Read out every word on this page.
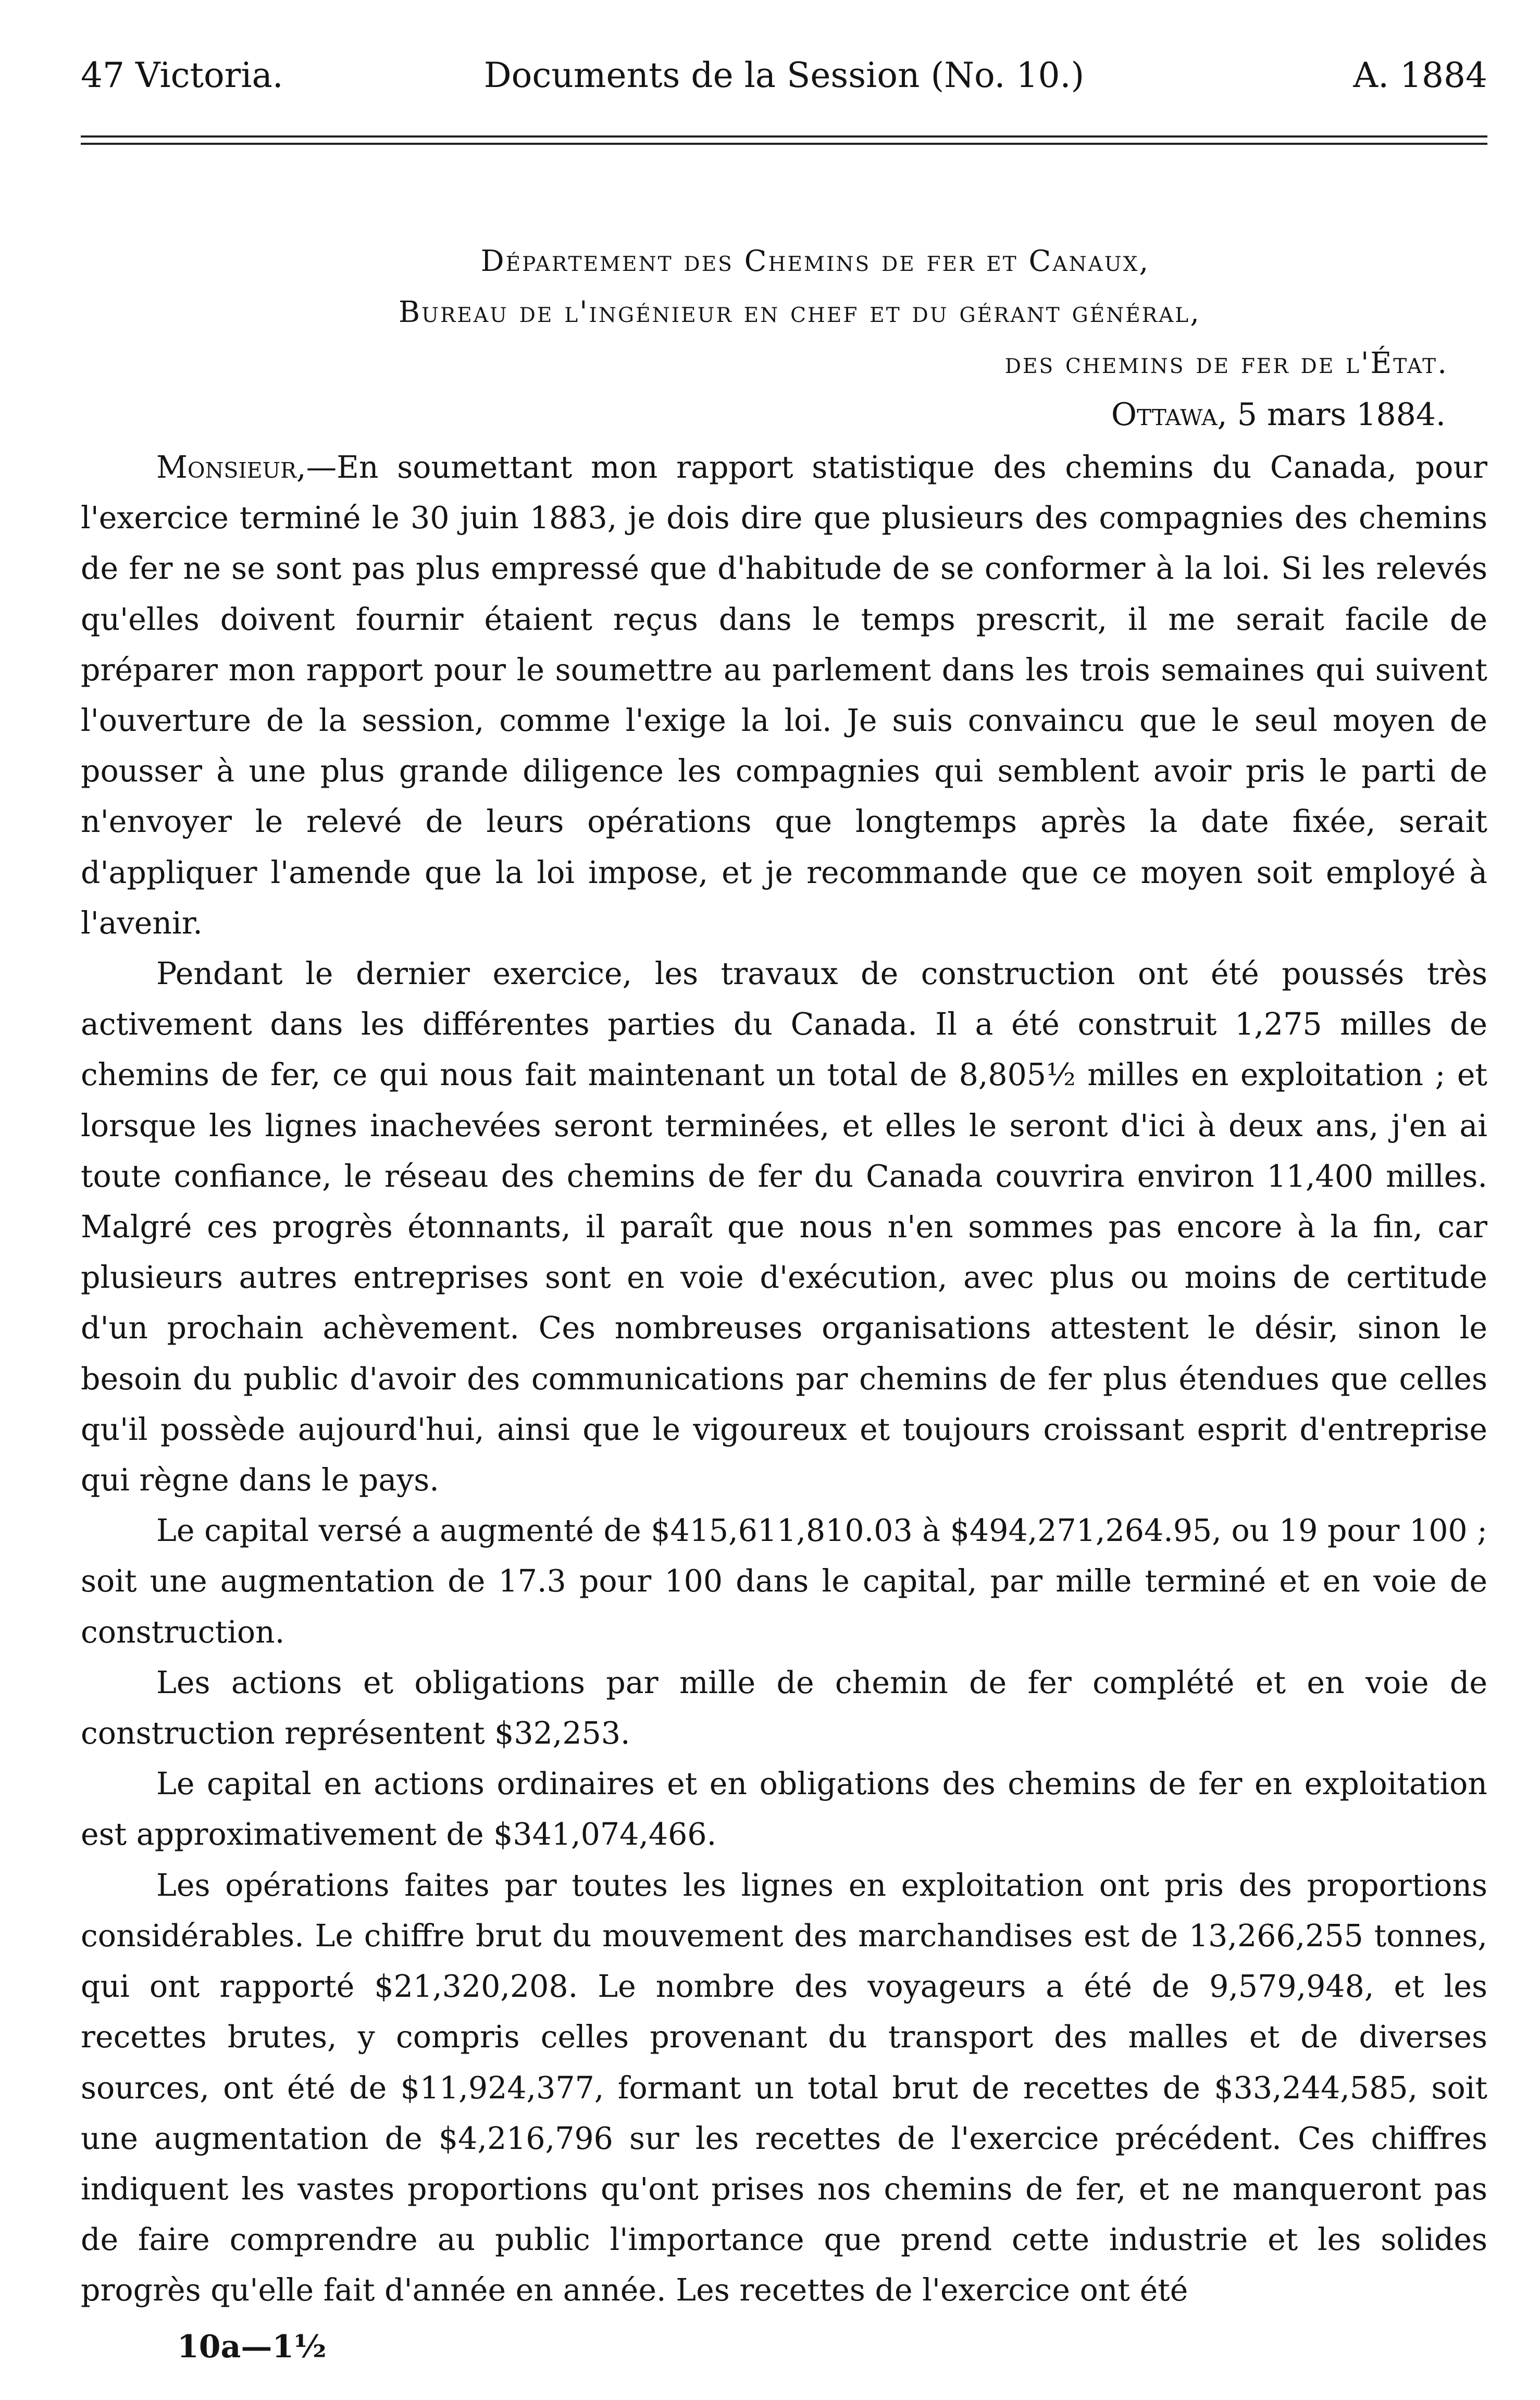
47 Victoria.	Documents de la Session (No. 10.)	A. 1884
Département des Chemins de fer et Canaux,
Bureau de l'ingénieur en chef et du gérant général,
des chemins de fer de l'État.
Ottawa, 5 mars 1884.

Monsieur,—En soumettant mon rapport statistique des chemins du Canada, pour l'exercice terminé le 30 juin 1883, je dois dire que plusieurs des compagnies des chemins de fer ne se sont pas plus empressé que d'habitude de se conformer à la loi. Si les relevés qu'elles doivent fournir étaient reçus dans le temps prescrit, il me serait facile de préparer mon rapport pour le soumettre au parlement dans les trois semaines qui suivent l'ouverture de la session, comme l'exige la loi. Je suis convaincu que le seul moyen de pousser à une plus grande diligence les compagnies qui semblent avoir pris le parti de n'envoyer le relevé de leurs opérations que longtemps après la date fixée, serait d'appliquer l'amende que la loi impose, et je recommande que ce moyen soit employé à l'avenir.

Pendant le dernier exercice, les travaux de construction ont été poussés très activement dans les différentes parties du Canada. Il a été construit 1,275 milles de chemins de fer, ce qui nous fait maintenant un total de 8,805½ milles en exploitation ; et lorsque les lignes inachevées seront terminées, et elles le seront d'ici à deux ans, j'en ai toute confiance, le réseau des chemins de fer du Canada couvrira environ 11,400 milles. Malgré ces progrès étonnants, il paraît que nous n'en sommes pas encore à la fin, car plusieurs autres entreprises sont en voie d'exécution, avec plus ou moins de certitude d'un prochain achèvement. Ces nombreuses organisations attestent le désir, sinon le besoin du public d'avoir des communications par chemins de fer plus étendues que celles qu'il possède aujourd'hui, ainsi que le vigoureux et toujours croissant esprit d'entreprise qui règne dans le pays.

Le capital versé a augmenté de $415,611,810.03 à $494,271,264.95, ou 19 pour 100 ; soit une augmentation de 17.3 pour 100 dans le capital, par mille terminé et en voie de construction.

Les actions et obligations par mille de chemin de fer complété et en voie de construction représentent $32,253.

Le capital en actions ordinaires et en obligations des chemins de fer en exploitation est approximativement de $341,074,466.

Les opérations faites par toutes les lignes en exploitation ont pris des proportions considérables. Le chiffre brut du mouvement des marchandises est de 13,266,255 tonnes, qui ont rapporté $21,320,208. Le nombre des voyageurs a été de 9,579,948, et les recettes brutes, y compris celles provenant du transport des malles et de diverses sources, ont été de $11,924,377, formant un total brut de recettes de $33,244,585, soit une augmentation de $4,216,796 sur les recettes de l'exercice précédent. Ces chiffres indiquent les vastes proportions qu'ont prises nos chemins de fer, et ne manqueront pas de faire comprendre au public l'importance que prend cette industrie et les solides progrès qu'elle fait d'année en année. Les recettes de l'exercice ont été

10a—1½
